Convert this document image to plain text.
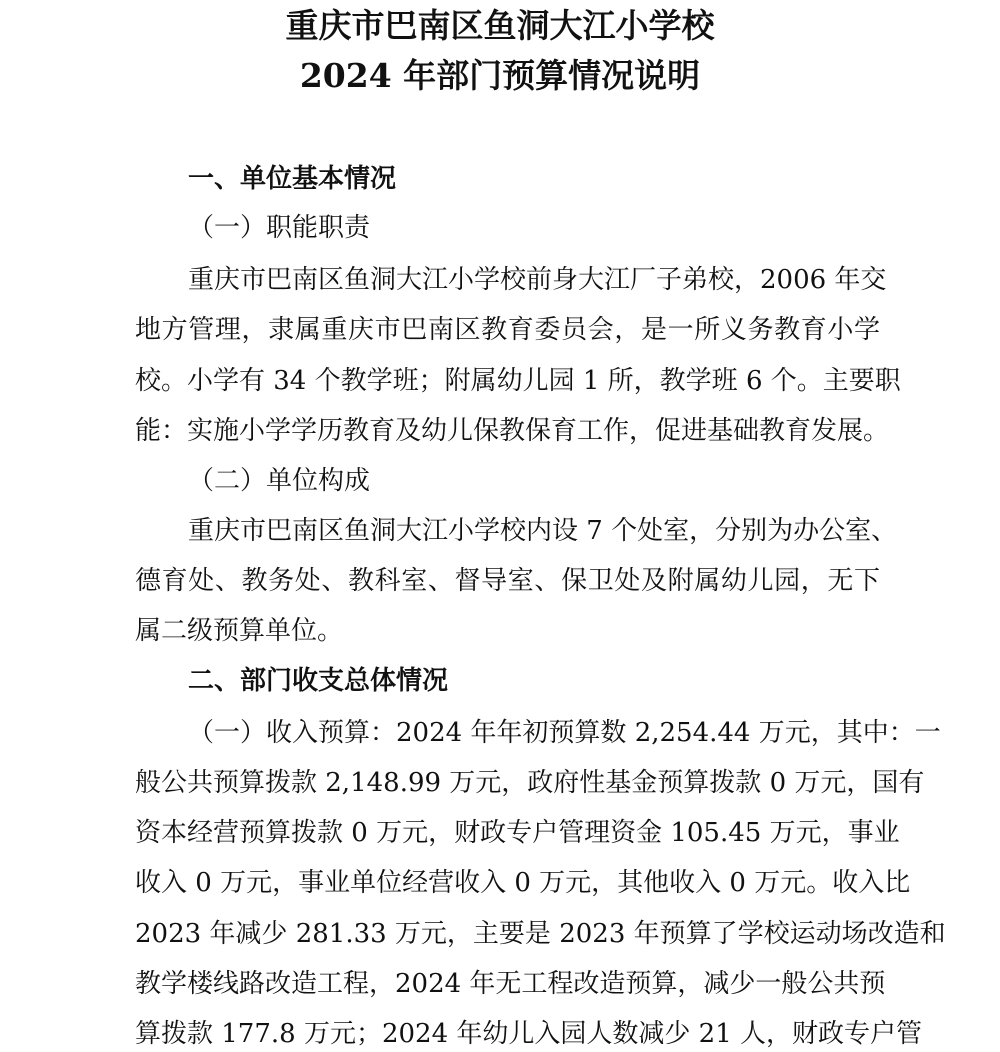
重庆市巴南区鱼洞大江小学校
2024 年部门预算情况说明
一、单位基本情况
（一）职能职责
重庆市巴南区鱼洞大江小学校前身大江厂子弟校，2006 年交
地方管理，隶属重庆市巴南区教育委员会，是一所义务教育小学
校。小学有 34 个教学班；附属幼儿园 1 所，教学班 6 个。主要职
能：实施小学学历教育及幼儿保教保育工作，促进基础教育发展。
（二）单位构成
重庆市巴南区鱼洞大江小学校内设 7 个处室，分别为办公室、
德育处、教务处、教科室、督导室、保卫处及附属幼儿园，无下
属二级预算单位。
二、部门收支总体情况
（一）收入预算：2024 年年初预算数 2,254.44 万元，其中：一
般公共预算拨款 2,148.99 万元，政府性基金预算拨款 0 万元，国有
资本经营预算拨款 0 万元，财政专户管理资金 105.45 万元，事业
收入 0 万元，事业单位经营收入 0 万元，其他收入 0 万元。收入比
2023 年减少 281.33 万元，主要是 2023 年预算了学校运动场改造和
教学楼线路改造工程，2024 年无工程改造预算，减少一般公共预
算拨款 177.8 万元；2024 年幼儿入园人数减少 21 人，财政专户管
